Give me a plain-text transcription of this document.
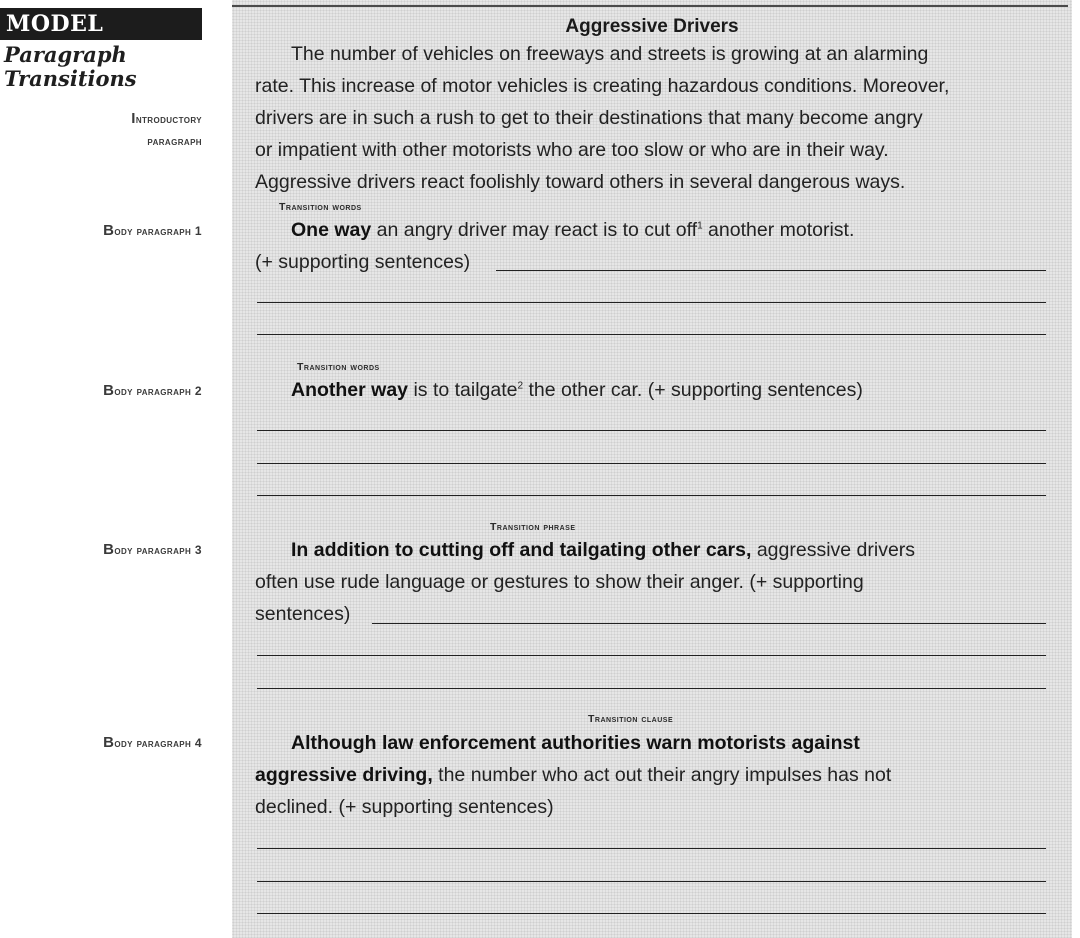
MODEL
Paragraph
Transitions
Introductory
paragraph
Body paragraph 1
Body paragraph 2
Body paragraph 3
Body paragraph 4
Aggressive Drivers
The number of vehicles on freeways and streets is growing at an alarming
rate. This increase of motor vehicles is creating hazardous conditions. Moreover,
drivers are in such a rush to get to their destinations that many become angry
or impatient with other motorists who are too slow or who are in their way.
Aggressive drivers react foolishly toward others in several dangerous ways.
Transition words
One way an angry driver may react is to cut off$^1$ another motorist.
(+ supporting sentences)
Transition words
Another way is to tailgate$^2$ the other car. (+ supporting sentences)
Transition phrase
In addition to cutting off and tailgating other cars, aggressive drivers
often use rude language or gestures to show their anger. (+ supporting
sentences)
Transition clause
Although law enforcement authorities warn motorists against
aggressive driving, the number who act out their angry impulses has not
declined. (+ supporting sentences)
